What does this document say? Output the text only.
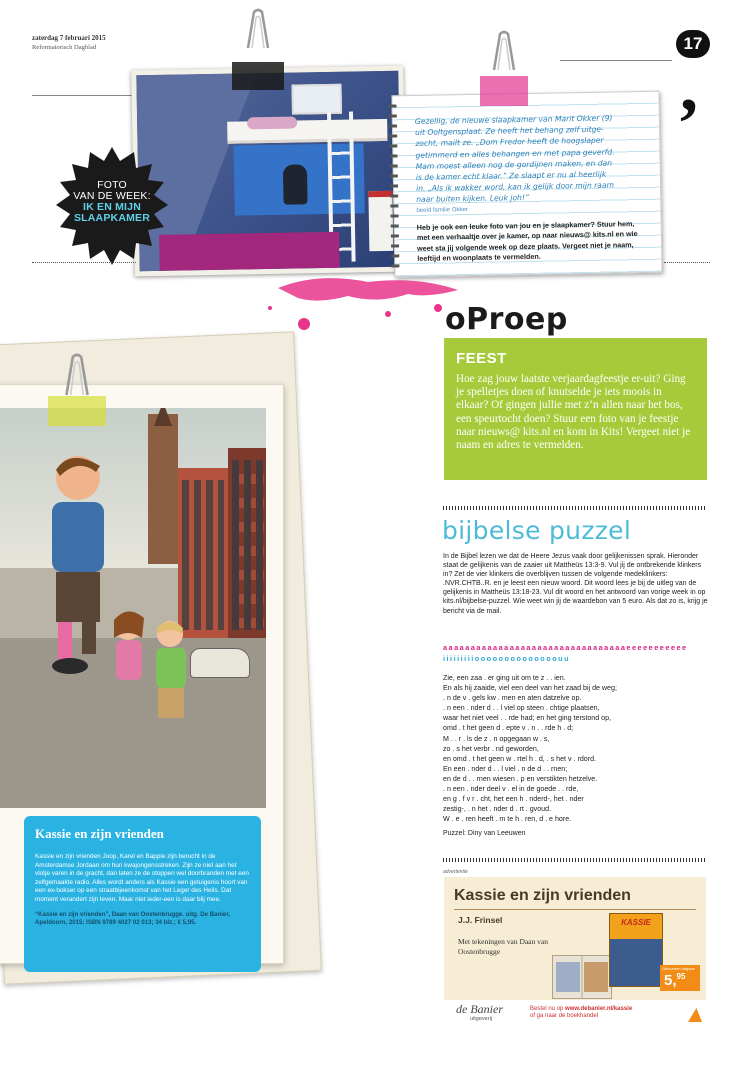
zaterdag 7 februari 2015
Reformatorisch Dagblad	17
,
Gezellig, de nieuwe slaapkamer van Marit Okker (9)
uit Ooltgensplaat. Ze heeft het behang zelf uitge-
zocht, mailt ze. „Dom Fredor heeft de hoogslaper
getimmerd en alles behangen en met papa geverfd.
Mam moest alleen nog de gordijnen maken, en dan
is de kamer echt klaar.” Ze slaapt er nu al heerlijk
in. „Als ik wakker word, kan ik gelijk door mijn raam
naar buiten kijken. Leuk joh!”
beeld familie Okker
Heb je ook een leuke foto van jou en je slaapkamer? Stuur hem, met een verhaaltje over je kamer, op naar nieuws@ kits.nl en wie weet sta jij volgende week op deze plaats. Vergeet niet je naam, leeftijd en woonplaats te vermelden.
FOTO
VAN DE WEEK:
IK EN MIJN
SLAAPKAMER
oProep
FEEST
Hoe zag jouw laatste verjaardagfeestje er-uit? Ging je spelletjes doen of knutselde je iets moois in elkaar? Of gingen jullie met z’n allen naar het bos, een speurtocht doen? Stuur een foto van je feestje naar nieuws@ kits.nl en kom in Kits! Vergeet niet je naam en adres te vermelden.
bijbelse puzzel
In de Bijbel lezen we dat de Heere Jezus vaak door gelijkenissen sprak. Hieronder staat de gelijkenis van de zaaier uit Mattheüs 13:3-9. Vul jij de ontbrekende klinkers in? Zet de vier klinkers die overblijven tussen de volgende medeklinkers: .NVR.CHTB..R. en je leest een nieuw woord. Dit woord lees je bij de uitleg van de gelijkenis in Mattheüs 13:18-23. Vul dit woord en het antwoord van vorige week in op kits.nl/bijbelse-puzzel. Wie weet win jij de waardebon van 5 euro. Als dat zo is, krijg je bericht via de mail.
aaaaaaaaaaaaaaaaaaaaaaaaaaaaaaaaaeeeeeeeeeee
iiiiiiiiioooooooooooooouu
Zie, een zaa . er ging uit om te z . . ien.
En als hij zaaide, viel een deel van het zaad bij de weg;
. n de v . gels kw . men en aten datzelve op.
. n een . nder d . . l viel op steen . chtige plaatsen,
waar het niet veel . . rde had; en het ging terstond op,
omd . t het geen d . epte v . n . . rde h . d;
M . . r . ls de z . n opgegaan w . s,
zo . s het verbr . nd geworden,
en omd . t het geen w . rtel h . d, . s het v . rdord.
En een . nder d . . l viel . n de d . . rnen;
en de d . . rnen wiesen . p en verstikten hetzelve.
. n een . nder deel v . el in de goede . . rde,
en g . f v r . cht, het een h . nderd-, het . nder
zestig-, . n het . nder d . rt . gvoud.
W . e . ren heeft . m te h . ren, d . e hore.
Puzzel: Diny van Leeuwen
advertentie
Kassie en zijn vrienden
J.J. Frinsel
Met tekeningen van Daan van Oostenbrugge
KASSIE
Gebonden uitgave
5,95
de Banier
uitgeverij
Bestel nu op www.debanier.nl/kassie
of ga naar de boekhandel
Kassie en zijn vrienden
Kassie en zijn vrienden Joop, Karel en Bappie zijn berucht in de Amsterdamse Jordaan om hun kwajongensstreken. Zijn ze niet aan het vlotje varen in de gracht, dan laten ze de stoppen wel doorbranden met een zelfgemaakte radio. Alles wordt anders als Kassie een getuigenis hoort van een ex-bokser op een straatbijeenkomst van het Leger des Heils. Dat moment verandert zijn leven. Maar niet ieder-een is daar blij mee.
“Kassie en zijn vrienden”, Daan van Oostenbrugge. uitg. De Banier, Apeldoorn, 2015; ISBN 9789 4027 02 013; 34 blz.; € 5,95.
